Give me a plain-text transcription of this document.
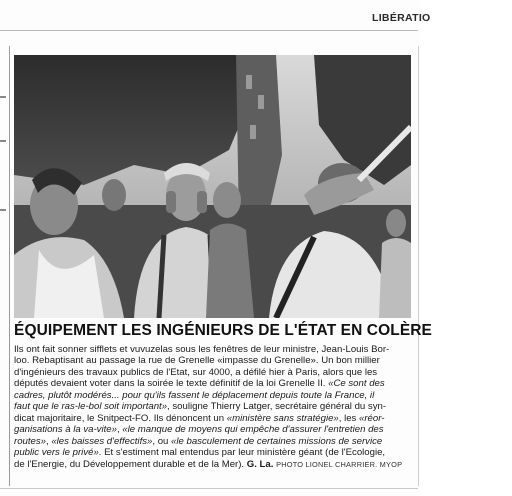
LIBÉRATIO
ÉQUIPEMENT LES INGÉNIEURS DE L'ÉTAT EN COLÈRE
Ils ont fait sonner sifflets et vuvuzelas sous les fenêtres de leur ministre, Jean-Louis Bor-
loo. Rebaptisant au passage la rue de Grenelle «impasse du Grenelle». Un bon millier
d'ingénieurs des travaux publics de l'Etat, sur 4000, a défilé hier à Paris, alors que les
députés devaient voter dans la soirée le texte définitif de la loi Grenelle II. «Ce sont des
cadres, plutôt modérés... pour qu'ils fassent le déplacement depuis toute la France, il
faut que le ras-le-bol soit important», souligne Thierry Latger, secrétaire général du syn-
dicat majoritaire, le Snitpect-FO. Ils dénoncent un «ministère sans stratégie», les «réor-
ganisations à la va-vite», «le manque de moyens qui empêche d'assurer l'entretien des
routes», «les baisses d'effectifs», ou «le basculement de certaines missions de service
public vers le privé». Et s'estiment mal entendus par leur ministère géant (de l'Ecologie,
de l'Energie, du Développement durable et de la Mer). G. La. PHOTO LIONEL CHARRIER. MYOP
